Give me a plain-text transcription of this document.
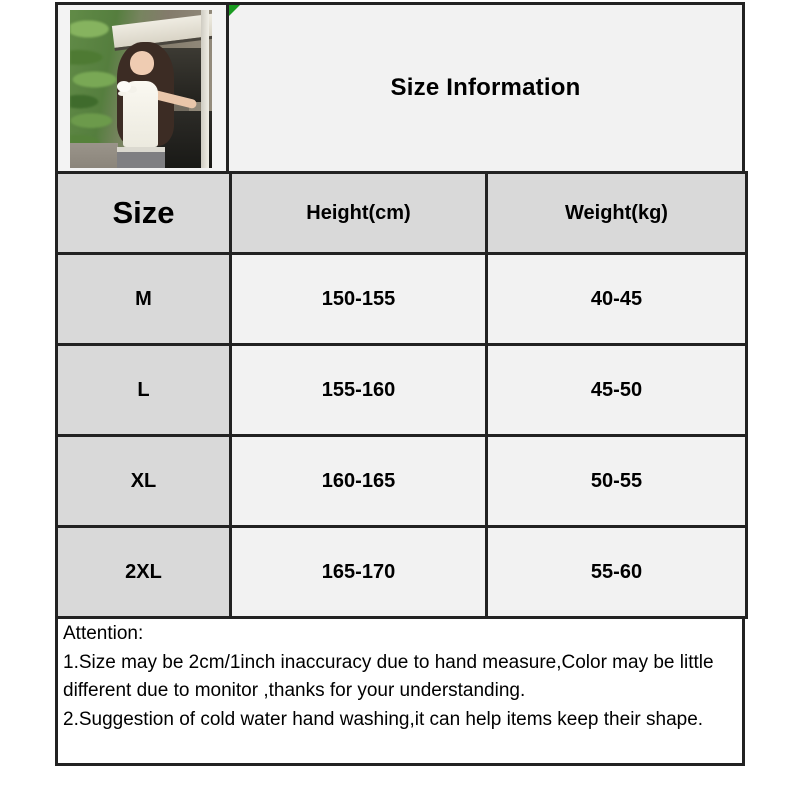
Size Information
Size	Height(cm)	Weight(kg)
M	150-155	40-45
L	155-160	45-50
XL	160-165	50-55
2XL	165-170	55-60
Attention:
1.Size may be 2cm/1inch inaccuracy due to hand measure,Color may be little different due to monitor ,thanks for your understanding.
2.Suggestion of cold water hand washing,it can help items keep their shape.
